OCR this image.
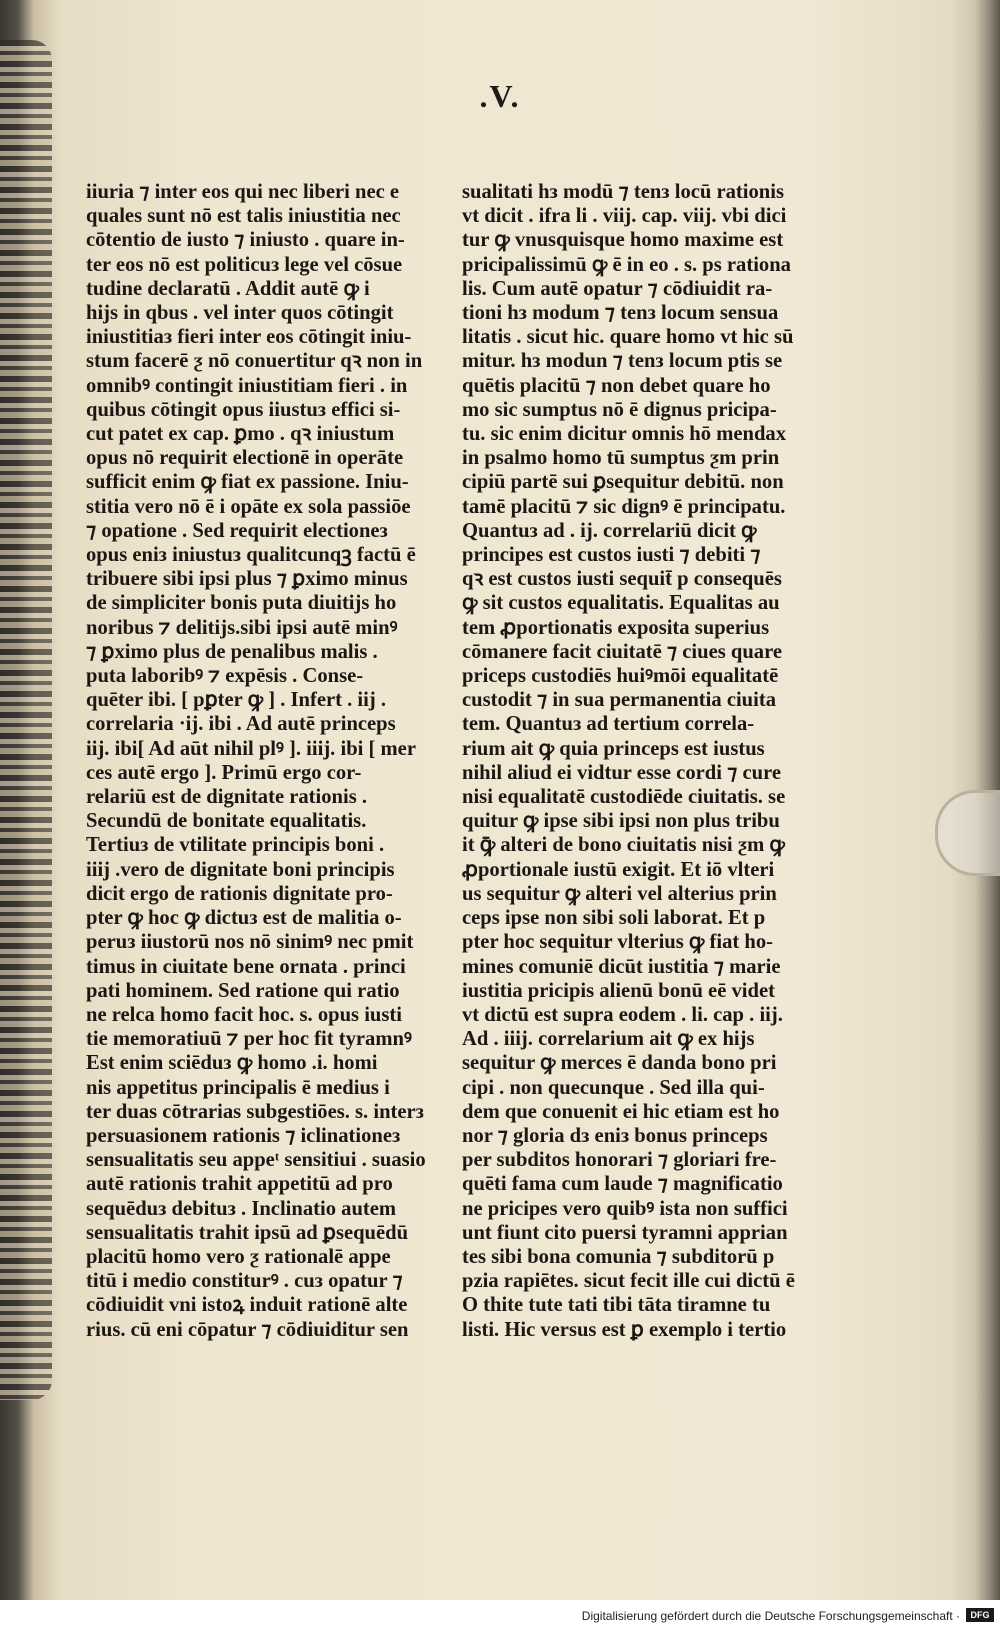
.V.
iiuria ⁊ inter eos qui nec liberi nec e
quales sunt nō est talis iniustitia nec
cōtentio de iusto ⁊ iniusto . quare in-
ter eos nō est politicuз lege vel cōsue
tudine declaratū . Addit autē ꝙ i
hijs in qbus . vel inter quos cōtingit
iniustitiaз fieri inter eos cōtingit iniu-
stum facerē ƺ nō conuertitur qꝛ non in
omnibꝰ contingit iniustitiam fieri . in
quibus cōtingit opus iiustuз effici si-
cut patet ex cap. ꝑmo . qꝛ iniustum
opus nō requirit electionē in operāte
sufficit enim ꝙ fiat ex passione. Iniu-
stitia vero nō ē i opāte ex sola passiōe
⁊ opatione . Sed requirit electioneз
opus eniз iniustuз qualitcunqꝫ factū ē
tribuere sibi ipsi plus ⁊ ꝑximo minus
de simpliciter bonis puta diuitijs ho
noribus ⁊ delitijs.sibi ipsi autē minꝰ
⁊ ꝑximo plus de penalibus malis .
puta laboribꝰ ⁊ expēsis . Conse-
quēter ibi. [ pꝑter ꝙ ] . Infert . iij .
correlaria ·ij. ibi . Ad autē princeps
iij. ibi[ Ad aūt nihil plꝰ ]. iiij. ibi [ mer
ces autē ergo ]. Primū ergo cor-
relariū est de dignitate rationis .
Secundū de bonitate equalitatis.
Tertiuз de vtilitate principis boni .
iiij .vero de dignitate boni principis
dicit ergo de rationis dignitate pro-
pter ꝙ hoc ꝙ dictuз est de malitia o-
peruз iiustorū nos nō sinimꝰ nec pmit
timus in ciuitate bene ornata . princi
pati hominem. Sed ratione qui ratio
ne relca homo facit hoc. s. opus iusti
tie memoratiuū ⁊ per hoc fit tyramnꝰ
Est enim sciēduз ꝙ homo .i. homi
nis appetitus principalis ē medius i
ter duas cōtrarias subgestiōes. s. interз
persuasionem rationis ⁊ iclinationeз
sensualitatis seu appeᵗ sensitiui . suasio
autē rationis trahit appetitū ad pro
sequēduз debituз . Inclinatio autem
sensualitatis trahit ipsū ad ꝑsequēdū
placitū homo vero ƺ rationalē appe
titū i medio constiturꝰ . cuз opatur ⁊
cōdiuidit vni istoꝝ induit rationē alte
rius. cū eni cōpatur ⁊ cōdiuiditur sen
sualitati hз modū ⁊ tenз locū rationis
vt dicit . ifra li . viij. cap. viij. vbi dici
tur ꝙ vnusquisque homo maxime est
pricipalissimū ꝙ ē in eo . s. ps rationa
lis. Cum autē opatur ⁊ cōdiuidit ra-
tioni hз modum ⁊ tenз locum sensua
litatis . sicut hic. quare homo vt hic sū
mitur. hз modun ⁊ tenз locum ptis se
quētis placitū ⁊ non debet quare ho
mo sic sumptus nō ē dignus pricipa-
tu. sic enim dicitur omnis hō mendax
in psalmo homo tū sumptus ƺm prin
cipiū partē sui ꝑsequitur debitū. non
tamē placitū ⁊ sic dignꝰ ē principatu.
Quantuз ad . ij. correlariū dicit ꝙ
principes est custos iusti ⁊ debiti ⁊
qꝛ est custos iusti sequit̄ p consequēs
ꝙ sit custos equalitatis. Equalitas au
tem ꝓportionatis exposita superius
cōmanere facit ciuitatē ⁊ ciues quare
priceps custodiēs huiꝰmōi equalitatē
custodit ⁊ in sua permanentia ciuita
tem. Quantuз ad tertium correla-
rium ait ꝙ quia princeps est iustus
nihil aliud ei vidtur esse cordi ⁊ cure
nisi equalitatē custodiēde ciuitatis. se
quitur ꝙ ipse sibi ipsi non plus tribu
it ꝙ̄ alteri de bono ciuitatis nisi ƺm ꝙ
ꝓportionale iustū exigit. Et iō vlteri
us sequitur ꝙ alteri vel alterius prin
ceps ipse non sibi soli laborat. Et p
pter hoc sequitur vlterius ꝙ fiat ho-
mines comuniē dicūt iustitia ⁊ marie
iustitia pricipis alienū bonū eē videt
vt dictū est supra eodem . li. cap . iij.
Ad . iiij. correlarium ait ꝙ ex hijs
sequitur ꝙ merces ē danda bono pri
cipi . non quecunque . Sed illa qui-
dem que conuenit ei hic etiam est ho
nor ⁊ gloria dз eniз bonus princeps
per subditos honorari ⁊ gloriari fre-
quēti fama cum laude ⁊ magnificatio
ne pricipes vero quibꝰ ista non suffici
unt fiunt cito puersi tyramni apprian
tes sibi bona comunia ⁊ subditorū p
pzia rapiētes. sicut fecit ille cui dictū ē
O thite tute tati tibi tāta tiramne tu
listi. Hic versus est ꝑ exemplo i tertio
Digitalisierung gefördert durch die Deutsche Forschungsgemeinschaft ·	DFG
